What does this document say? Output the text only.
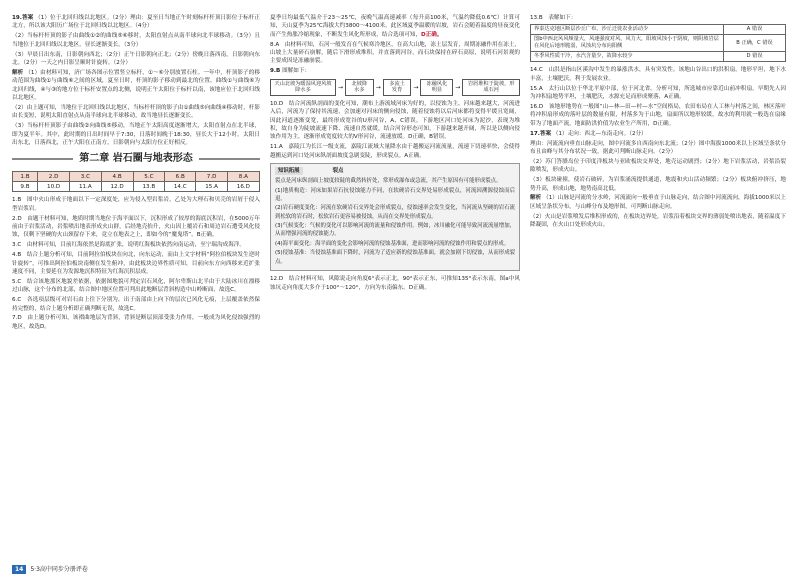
19.答案 （1）位于北回归线以北地区。（2分）理由：夏至日当地正午时刻标杆杆顶日影位于标杆正北方，所以该大阳历广场位于北回归线以北地区。（4分）

（2）当标杆杆顶的影子由曲线①②的曲线⑤⑥移时，太阳直射点从南半球向北半球移动。（3分）且当地位于北回归线以北地区，昼长逐渐变长。（3分）

（3）早晨日出东南，日影朝向西北；（2分）正午日影朝向正北；（2分）傍晚日落西南，日影朝向东北。（2分）一天之内日影呈顺时针旋转。（2分）

解析 （1）由材料可知，济广场各图示位置竖立标杆，①～⑥分别放置石柱。一年中，杆顶影子的移动范围为曲线①与曲线⑥之间的区域，夏至日时，杆顶的影子移动到最北的位置。曲线①与曲线⑥为北回归线，④与③的地方位于标杆安置点的北侧，说明正午太阳位于标杆以南，该地应位于北回归线以北地区。

（2）由上题可知，当地位于北回归线以北地区，当标杆杆顶的影子由①曲线⑤向曲线④移动时，杆影由长变短，说明太阳直射点从南半球向北半球移动，故当地昼长逐渐变长。

（3）当标杆杆顶影子由曲线②向曲线⑤移动，当地正午太阳高度逐渐增大，太阳直射点在北半球，即为夏半年。其中，此时期的日出时间早于7:30，日落时间晚于18:30，昼长大于12小时。太阳日出东北，日落西北，正午大阳在正南方，日影朝向与太阳方位正好相反。

第二章 岩石圈与地表形态
1.B	2.D	3.C	4.B	5.C	6.B	7.D	8.A
9.B	10.D	11.A	12.D	13.B	14.C	15.A	16.D

1.B　图中火山形成于地面以下一定深度处，应为侵入型岩浆岩，乙处为大理石和贝壳的岩屑于侵入型岩浆岩。

2.D　由题干材料可知，地质时期当地位于海平面以下，沉积形成了较厚的海底沉积岩，在5000万年前由于岩浆活动，岩浆喷出地表形成火山群，后经地壳抬升，火山因上覆岩石和周边岩石遭受风化侵蚀，仅剩下坚硬的火山颈留存下来，竟立在地表之上，即如今的“魔鬼塔”。B正确。

3.C　由材料可知，目前红海依然是海底扩张，说明红海板块依然向南运动，至宁瑞沟成海洋。

4.B　结合上题分析可知，目前阿拉伯板块在向北，向东运动，而由上文字材料“阿拉伯板块发生逆时针旋转”，可推出阿拉伯板块南侧在发生俯冲，由此板块边界性质可知，目前向东方向西移来近扩张速度不同，主要延在为发源地沉积特征为红海沉积层成。

5.C　结合该地那区地貌差依据，依据图地貌可判定岩石风化，阿尔卑斯山北半由于大陆冰川在漂移过山脉，这个分布的北部，结合图中地区位置可判出此地断层背斜构造中山岭断面，故选C。

6.C　各选项层级可对岩石由上往下分别为，出于南部由上向下的层次已风化无痕，上层覆盖依然保持完整的，结合上题分析即正确判断无误，故选C。

7.D　由上题分析可知，该褶曲地层为背斜，背斜是断层顶部受张力作用，一般成为风化侵蚀强烈的地区，故选D。

夏季日均最低气温介于23～25℃，夜晚气温高速减率（每升高100米，气温约降低0.6℃）计算可知，天山夏季为25℃海拔大约3800～4100米。此区域夏季温暖的岩坡，岩石会随着温度的昼夜变化而产生热胀冷缩现象，不断发生风化所形成，结合选项可知，D正确。

8.A　由材料可知，石河一般发育在气候寒冷地区，在高大山地，冻土层发育，周期冻融作用在冻土，山坡上大量碎石崩解，随后下滑形成堆积，并直落到河谷，而石块保持在碎石高原，说明石河景观的主要成因是冻融崩裂。

9.B 图解如下：

天山北坡为暖湿风迎风坡降水多	→	北坡降水多	→	多流土发育	→	冻融风化明显	→	岩屑堆积于陡坡，形成石河

10.D　结合河流纵剖面的变化可知，潮布上游流域河床为好的，以侵蚀为主，河床越来越大，河流进入后，河流为了保持其流速，会加速对河床的侧向侵蚀，随着侵蚀将以后河床都将变得平缓且宽阔，因此河道逐渐变宽，最终形成宽谷的U形河谷，A、C错误。下游地区河口处河床为泥沙，表现为堆积，故自身为陡坡流速下降、流速自然就缓，结合河谷形态可知，下游越来越开阔，所以是以侧向侵蚀作用为主，逐渐形成宽度较大的V形河谷，流速放缓。D正确，B错误。

11.A　嘉陵江为长江一级支流，嘉陵江流域大量降水由于越搬运河流流量，流速下切速率快，会使得越搬运到河口处河床纵剖面坡度急剧变陡，形成裂点。A正确。

知识拓展	裂点

裂点是河床纵剖面上坡度较陡的截然转折处，常形成瀑布或急流，其产生原因有可能形成裂点。

(1)地质构造：河床如果岩石抗侵蚀能力不同，在软硬岩石交界处易形成裂点，河流因溯源侵蚀而后退。

(2)岩石硬度变化：河流在软硬岩石交界处会形成裂点，侵蚀速率会发生变化，当河流从坚硬的岩石流到松软的岩石时，松软岩石更容易被侵蚀，从而在交界处形成裂点。

(3)气候变化：气候的变化可以影响河流的流量和侵蚀作用。例如，冰川融化可能导致河流流量增加，从而增强河流的侵蚀能力。

(4)海平面变化：海平面的变化会影响河流的侵蚀基准面，进而影响河流的侵蚀作用和裂点的形成。

(5)侵蚀基准：当侵蚀基准面下降时，河流为了适应新的侵蚀基准面，就会加剧下切侵蚀，从而形成裂点。

12.D　结合材料可知，风隙说走向角度6°表示正北，90°表示正东，可推知135°表示东南，图a中风蚀坑走向角度大多介于100°～120°，方向为东南偏东。D正确。

13.B　表解如下：

界泰达克地区断层沙丘广布，沙丘迁徙农业活动少	A 错误
图b中西北风风频量大，风速强度对风，风力大，阳坡风蚀小于阴坡，则阴坡岩层在风化后地形脆弱，风蚀坑分布向阳侧	B 正确，C 错误
冬季风性质干冷，水汽含量少，故降水较少	D 错误

14.C　山洪是指山区溪沟中发生的暴涨洪水，具有突发性。该地山谷出口的洪积扇，地形平坦，地下水丰富，土壤肥沃，利于发展农业。

15.A　太行山以位于华北平原中部，位于河北省。分析可知，所选城市应靠近山前冲积扇，早期先人因为冲积扇地势平坦，土壤肥沃，水源充足而形成聚落，A正确。

16.D　该地形地势在一般图“山—林—田—村—水”空间格局，农田布局在人工林与村落之间，林区落叶将冲积扇形成的落叶层的数量有限，村落多为于山地，扇面所以地形较缓，故水的利用就一般选在扇缘带为了地面产流，地面防洪价值为农业生产所用，D正确。

17.答案 （1）走向：西北—东南走向。（2分）

理由：河流流向垂直山脉走向，图中河流多自西南向东北流；（2分）图中海拔1000米以上区域呈条状分布且由峰与其分布状况一致，据此可判断山脉走向。（2分）

（2）苏门答腊岛位于印度洋板块与亚欧板块交界处，地壳运动剧烈；（2分）地下岩浆活动，岩浆沿裂隙喷发，形成火山。

（3）板块碰撞，使岩石破碎，为岩浆涌流提供通道，地震和火山活动频繁；（2分）板块俯冲挤压，地势升高，形成山地，地势南高北低。

解析 （1）山脉是河流的分水岭，河流流向一般垂直于山脉走向，结合图中河流流向，海拔1000米以上区域呈条状分布，与山峰分布及地形图，可判断山脉走向。

（2）火山是岩浆喷发后堆积形成的，在板块边界处，岩浆沿着板块交界的薄弱处喷出地表，随着温度下降凝固，在火山口处形成火山。

14	5·3高中同步分册评卷
